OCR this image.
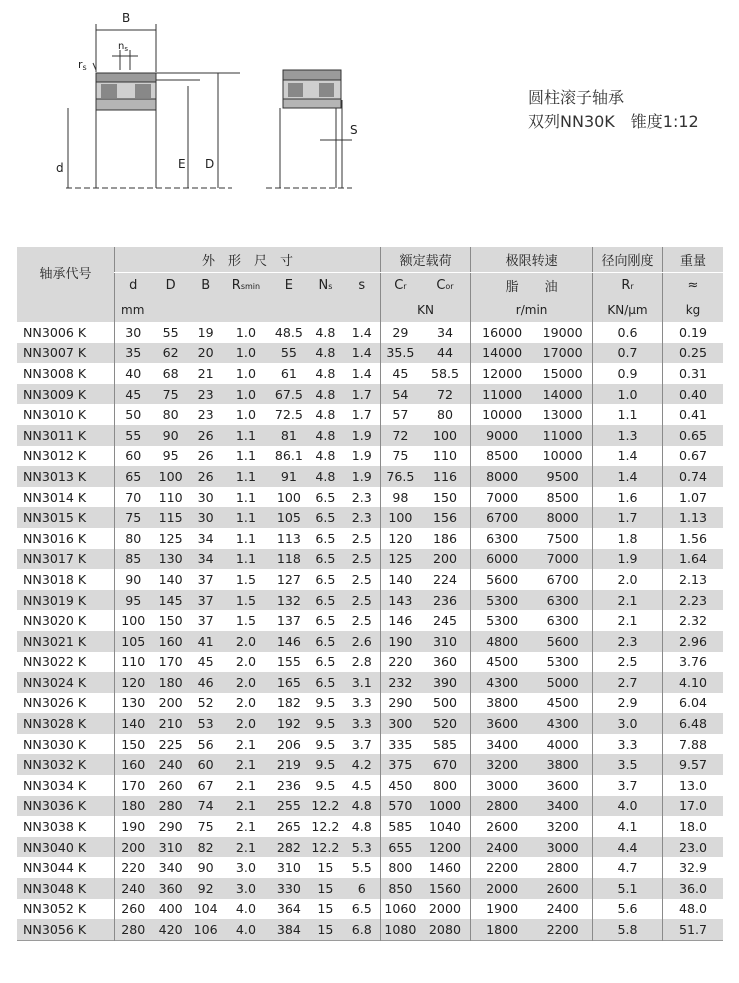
B
$n_s$
rs
d	E D
S
圆柱滚子轴承
双列NN30K　锥度1:12
轴承代号	外　形　尺　寸							额定载荷		极限转速		径向刚度	重量
	d	D	B	Rsmin	E	Ns	s	Cr	Cor	脂　　油		Rr	≈
	mm							KN		r/min		KN/μm	kg
NN3006 K	30	55	19	1.0	48.5	4.8	1.4	29	34	16000	19000	0.6	0.19
NN3007 K	35	62	20	1.0	55	4.8	1.4	35.5	44	14000	17000	0.7	0.25
NN3008 K	40	68	21	1.0	61	4.8	1.4	45	58.5	12000	15000	0.9	0.31
NN3009 K	45	75	23	1.0	67.5	4.8	1.7	54	72	11000	14000	1.0	0.40
NN3010 K	50	80	23	1.0	72.5	4.8	1.7	57	80	10000	13000	1.1	0.41
NN3011 K	55	90	26	1.1	81	4.8	1.9	72	100	9000	11000	1.3	0.65
NN3012 K	60	95	26	1.1	86.1	4.8	1.9	75	110	8500	10000	1.4	0.67
NN3013 K	65	100	26	1.1	91	4.8	1.9	76.5	116	8000	9500	1.4	0.74
NN3014 K	70	110	30	1.1	100	6.5	2.3	98	150	7000	8500	1.6	1.07
NN3015 K	75	115	30	1.1	105	6.5	2.3	100	156	6700	8000	1.7	1.13
NN3016 K	80	125	34	1.1	113	6.5	2.5	120	186	6300	7500	1.8	1.56
NN3017 K	85	130	34	1.1	118	6.5	2.5	125	200	6000	7000	1.9	1.64
NN3018 K	90	140	37	1.5	127	6.5	2.5	140	224	5600	6700	2.0	2.13
NN3019 K	95	145	37	1.5	132	6.5	2.5	143	236	5300	6300	2.1	2.23
NN3020 K	100	150	37	1.5	137	6.5	2.5	146	245	5300	6300	2.1	2.32
NN3021 K	105	160	41	2.0	146	6.5	2.6	190	310	4800	5600	2.3	2.96
NN3022 K	110	170	45	2.0	155	6.5	2.8	220	360	4500	5300	2.5	3.76
NN3024 K	120	180	46	2.0	165	6.5	3.1	232	390	4300	5000	2.7	4.10
NN3026 K	130	200	52	2.0	182	9.5	3.3	290	500	3800	4500	2.9	6.04
NN3028 K	140	210	53	2.0	192	9.5	3.3	300	520	3600	4300	3.0	6.48
NN3030 K	150	225	56	2.1	206	9.5	3.7	335	585	3400	4000	3.3	7.88
NN3032 K	160	240	60	2.1	219	9.5	4.2	375	670	3200	3800	3.5	9.57
NN3034 K	170	260	67	2.1	236	9.5	4.5	450	800	3000	3600	3.7	13.0
NN3036 K	180	280	74	2.1	255	12.2	4.8	570	1000	2800	3400	4.0	17.0
NN3038 K	190	290	75	2.1	265	12.2	4.8	585	1040	2600	3200	4.1	18.0
NN3040 K	200	310	82	2.1	282	12.2	5.3	655	1200	2400	3000	4.4	23.0
NN3044 K	220	340	90	3.0	310	15	5.5	800	1460	2200	2800	4.7	32.9
NN3048 K	240	360	92	3.0	330	15	6	850	1560	2000	2600	5.1	36.0
NN3052 K	260	400	104	4.0	364	15	6.5	1060	2000	1900	2400	5.6	48.0
NN3056 K	280	420	106	4.0	384	15	6.8	1080	2080	1800	2200	5.8	51.7
